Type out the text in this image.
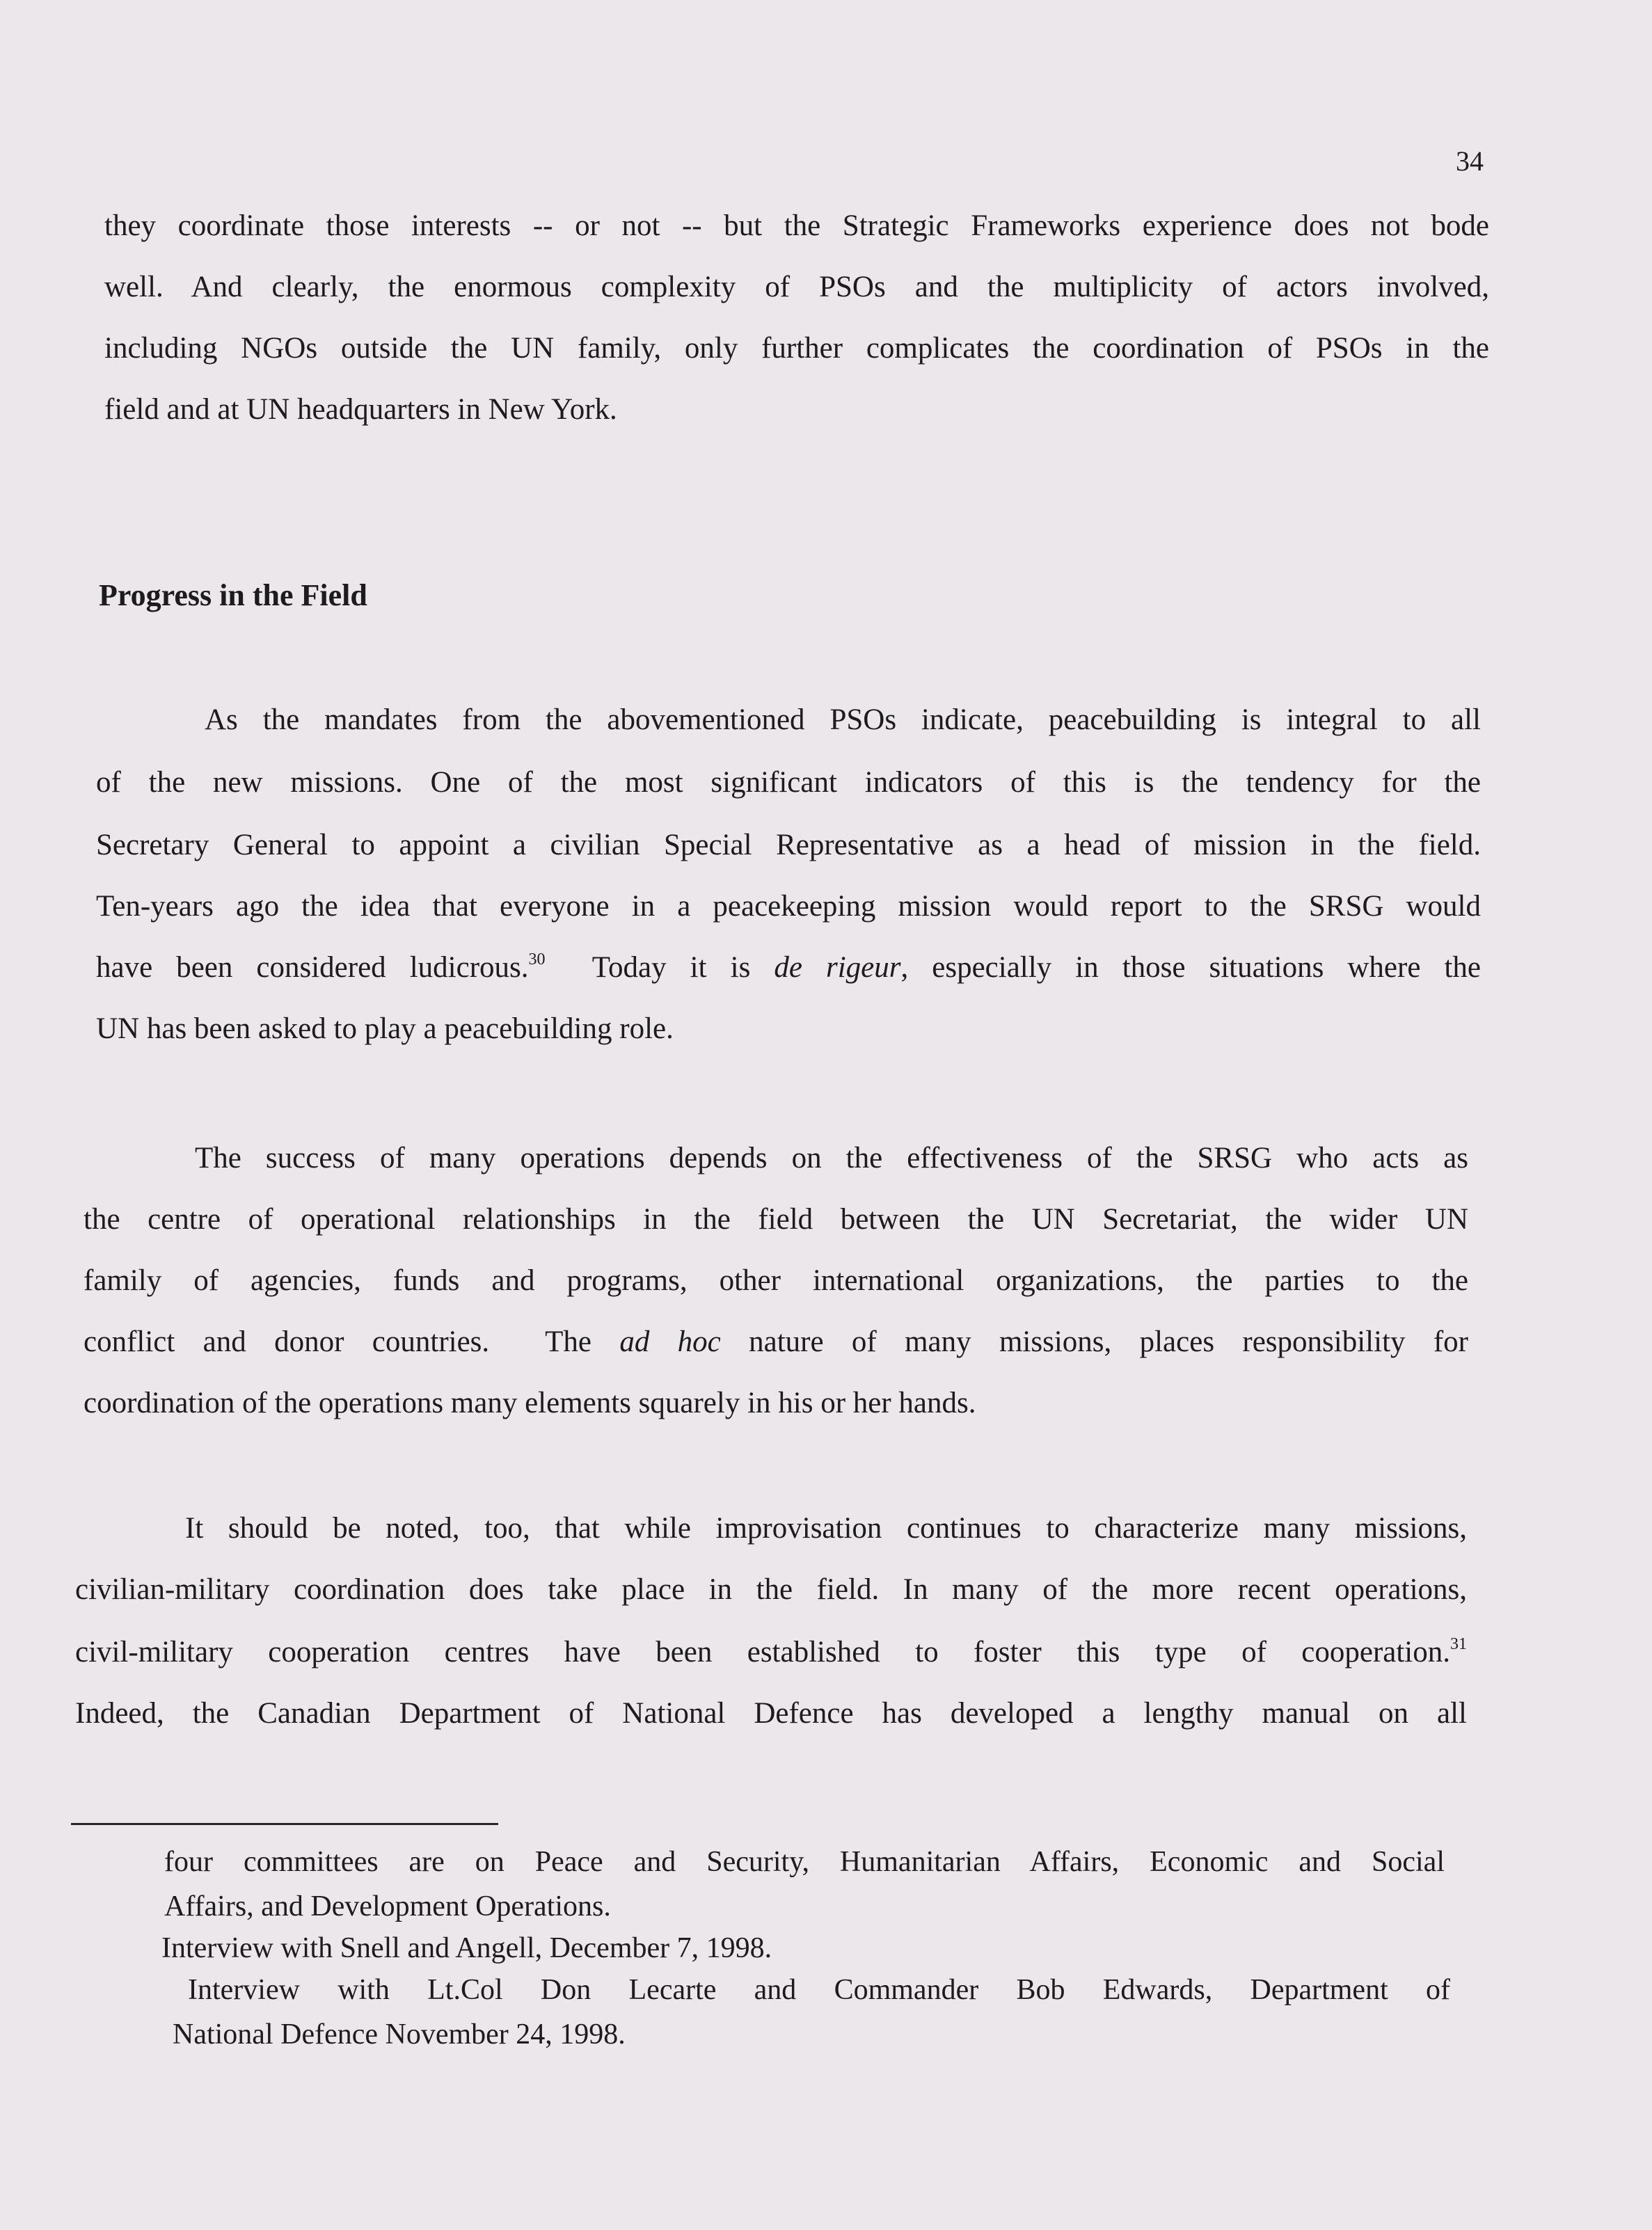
34
they coordinate those interests -- or not -- but the Strategic Frameworks experience does not bode
well. And clearly, the enormous complexity of PSOs and the multiplicity of actors involved,
including NGOs outside the UN family, only further complicates the coordination of PSOs in the
field and at UN headquarters in New York.
Progress in the Field
As the mandates from the abovementioned PSOs indicate, peacebuilding is integral to all
of the new missions. One of the most significant indicators of this is the tendency for the
Secretary General to appoint a civilian Special Representative as a head of mission in the field.
Ten-years ago the idea that everyone in a peacekeeping mission would report to the SRSG would
have been considered ludicrous.$^{30}$  Today it is de rigeur, especially in those situations where the
UN has been asked to play a peacebuilding role.
The success of many operations depends on the effectiveness of the SRSG who acts as
the centre of operational relationships in the field between the UN Secretariat, the wider UN
family of agencies, funds and programs, other international organizations, the parties to the
conflict and donor countries.  The ad hoc nature of many missions, places responsibility for
coordination of the operations many elements squarely in his or her hands.
It should be noted, too, that while improvisation continues to characterize many missions,
civilian-military coordination does take place in the field. In many of the more recent operations,
civil-military cooperation centres have been established to foster this type of cooperation.$^{31}$
Indeed, the Canadian Department of National Defence has developed a lengthy manual on all
four committees are on Peace and Security, Humanitarian Affairs, Economic and Social
Affairs, and Development Operations.
Interview with Snell and Angell, December 7, 1998.
Interview with Lt.Col Don Lecarte and Commander Bob Edwards, Department of
National Defence November 24, 1998.
